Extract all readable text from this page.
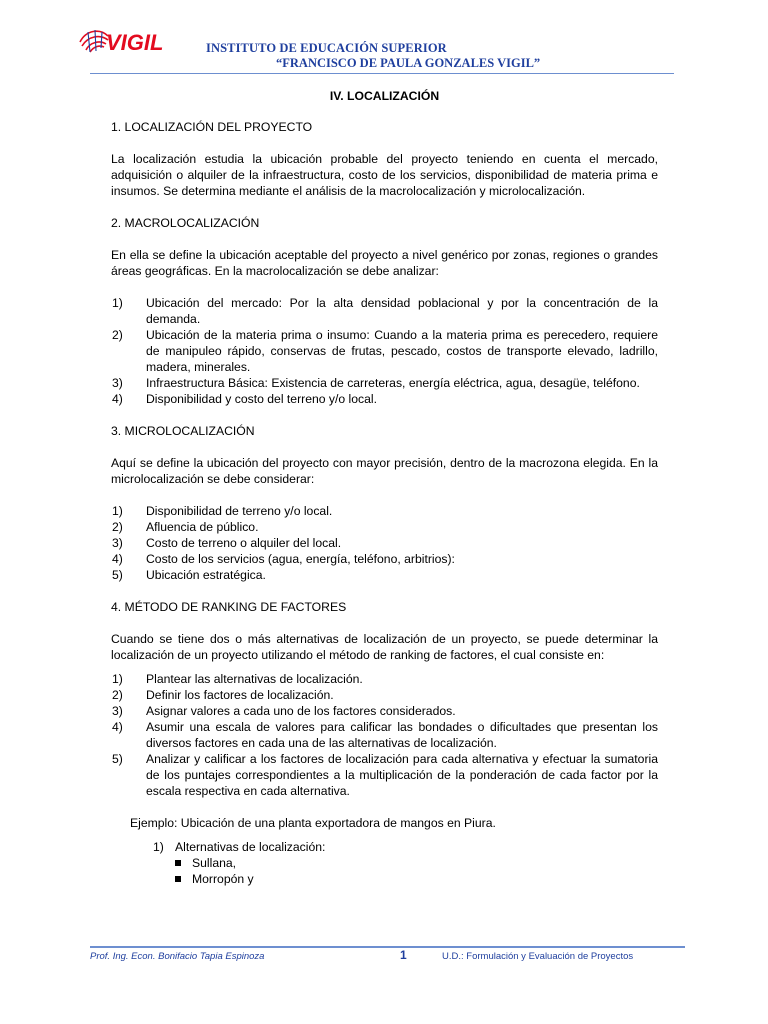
VIGIL	INSTITUTO DE EDUCACIÓN SUPERIOR
“FRANCISCO DE PAULA GONZALES VIGIL”

IV. LOCALIZACIÓN

1. LOCALIZACIÓN DEL PROYECTO

La localización estudia la ubicación probable del proyecto teniendo en cuenta el mercado, adquisición o alquiler de la infraestructura, costo de los servicios, disponibilidad de materia prima e insumos. Se determina mediante el análisis de la macrolocalización y microlocalización.

2. MACROLOCALIZACIÓN

En ella se define la ubicación aceptable del proyecto a nivel genérico por zonas, regiones o grandes áreas geográficas. En la macrolocalización se debe analizar:

1) Ubicación del mercado: Por la alta densidad poblacional y por la concentración de la demanda.
2) Ubicación de la materia prima o insumo: Cuando a la materia prima es perecedero, requiere de manipuleo rápido, conservas de frutas, pescado, costos de transporte elevado, ladrillo, madera, minerales.
3) Infraestructura Básica: Existencia de carreteras, energía eléctrica, agua, desagüe, teléfono.
4) Disponibilidad y costo del terreno y/o local.

3. MICROLOCALIZACIÓN

Aquí se define la ubicación del proyecto con mayor precisión, dentro de la macrozona elegida. En la microlocalización se debe considerar:

1) Disponibilidad de terreno y/o local.
2) Afluencia de público.
3) Costo de terreno o alquiler del local.
4) Costo de los servicios (agua, energía, teléfono, arbitrios):
5) Ubicación estratégica.

4. MÉTODO DE RANKING DE FACTORES

Cuando se tiene dos o más alternativas de localización de un proyecto, se puede determinar la localización de un proyecto utilizando el método de ranking de factores, el cual consiste en:

1) Plantear las alternativas de localización.
2) Definir los factores de localización.
3) Asignar valores a cada uno de los factores considerados.
4) Asumir una escala de valores para calificar las bondades o dificultades que presentan los diversos factores en cada una de las alternativas de localización.
5) Analizar y calificar a los factores de localización para cada alternativa y efectuar la sumatoria de los puntajes correspondientes a la multiplicación de la ponderación de cada factor por la escala respectiva en cada alternativa.

Ejemplo: Ubicación de una planta exportadora de mangos en Piura.

1) Alternativas de localización:
Sullana,
Morropón y
Prof. Ing. Econ. Bonifacio Tapia Espinoza	1	U.D.: Formulación y Evaluación de Proyectos
